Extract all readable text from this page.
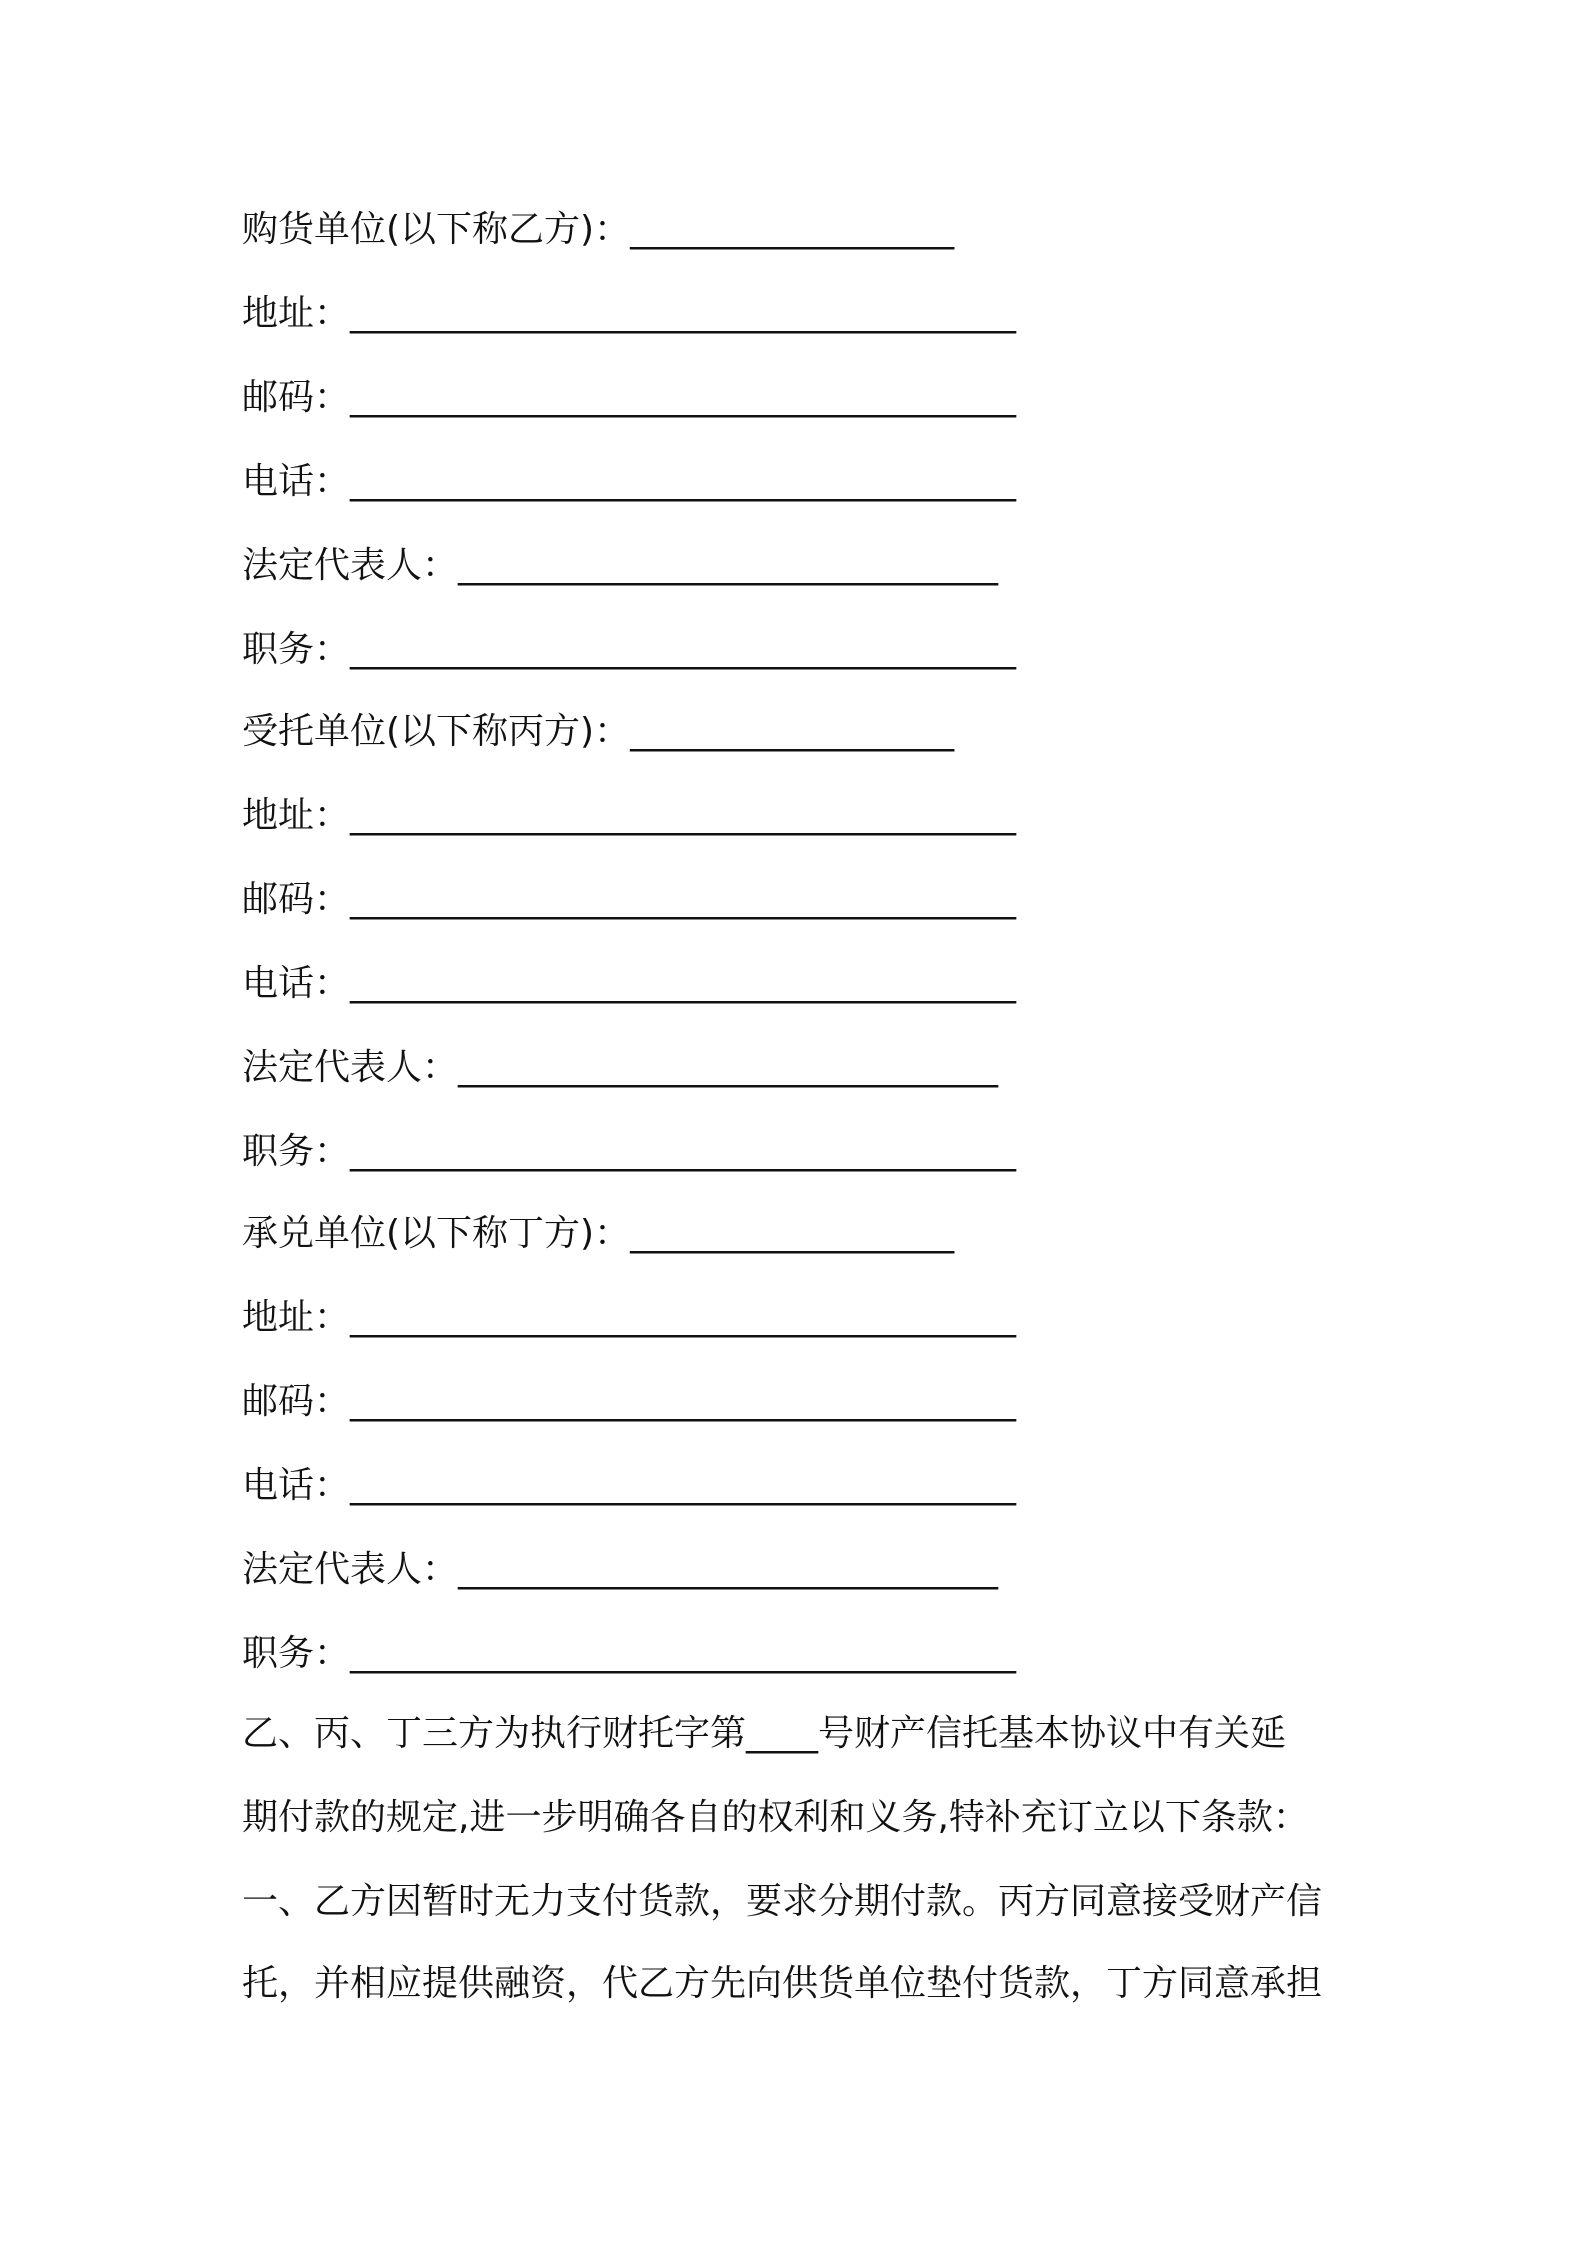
购货单位(以下称乙方)：__________________
地址：_____________________________________
邮码：_____________________________________
电话：_____________________________________
法定代表人：______________________________
职务：_____________________________________
受托单位(以下称丙方)：__________________
地址：_____________________________________
邮码：_____________________________________
电话：_____________________________________
法定代表人：______________________________
职务：_____________________________________
承兑单位(以下称丁方)：__________________
地址：_____________________________________
邮码：_____________________________________
电话：_____________________________________
法定代表人：______________________________
职务：_____________________________________
乙、丙、丁三方为执行财托字第____号财产信托基本协议中有关延
期付款的规定,进一步明确各自的权利和义务,特补充订立以下条款：
一、乙方因暂时无力支付货款，要求分期付款。丙方同意接受财产信
托，并相应提供融资，代乙方先向供货单位垫付货款，丁方同意承担
